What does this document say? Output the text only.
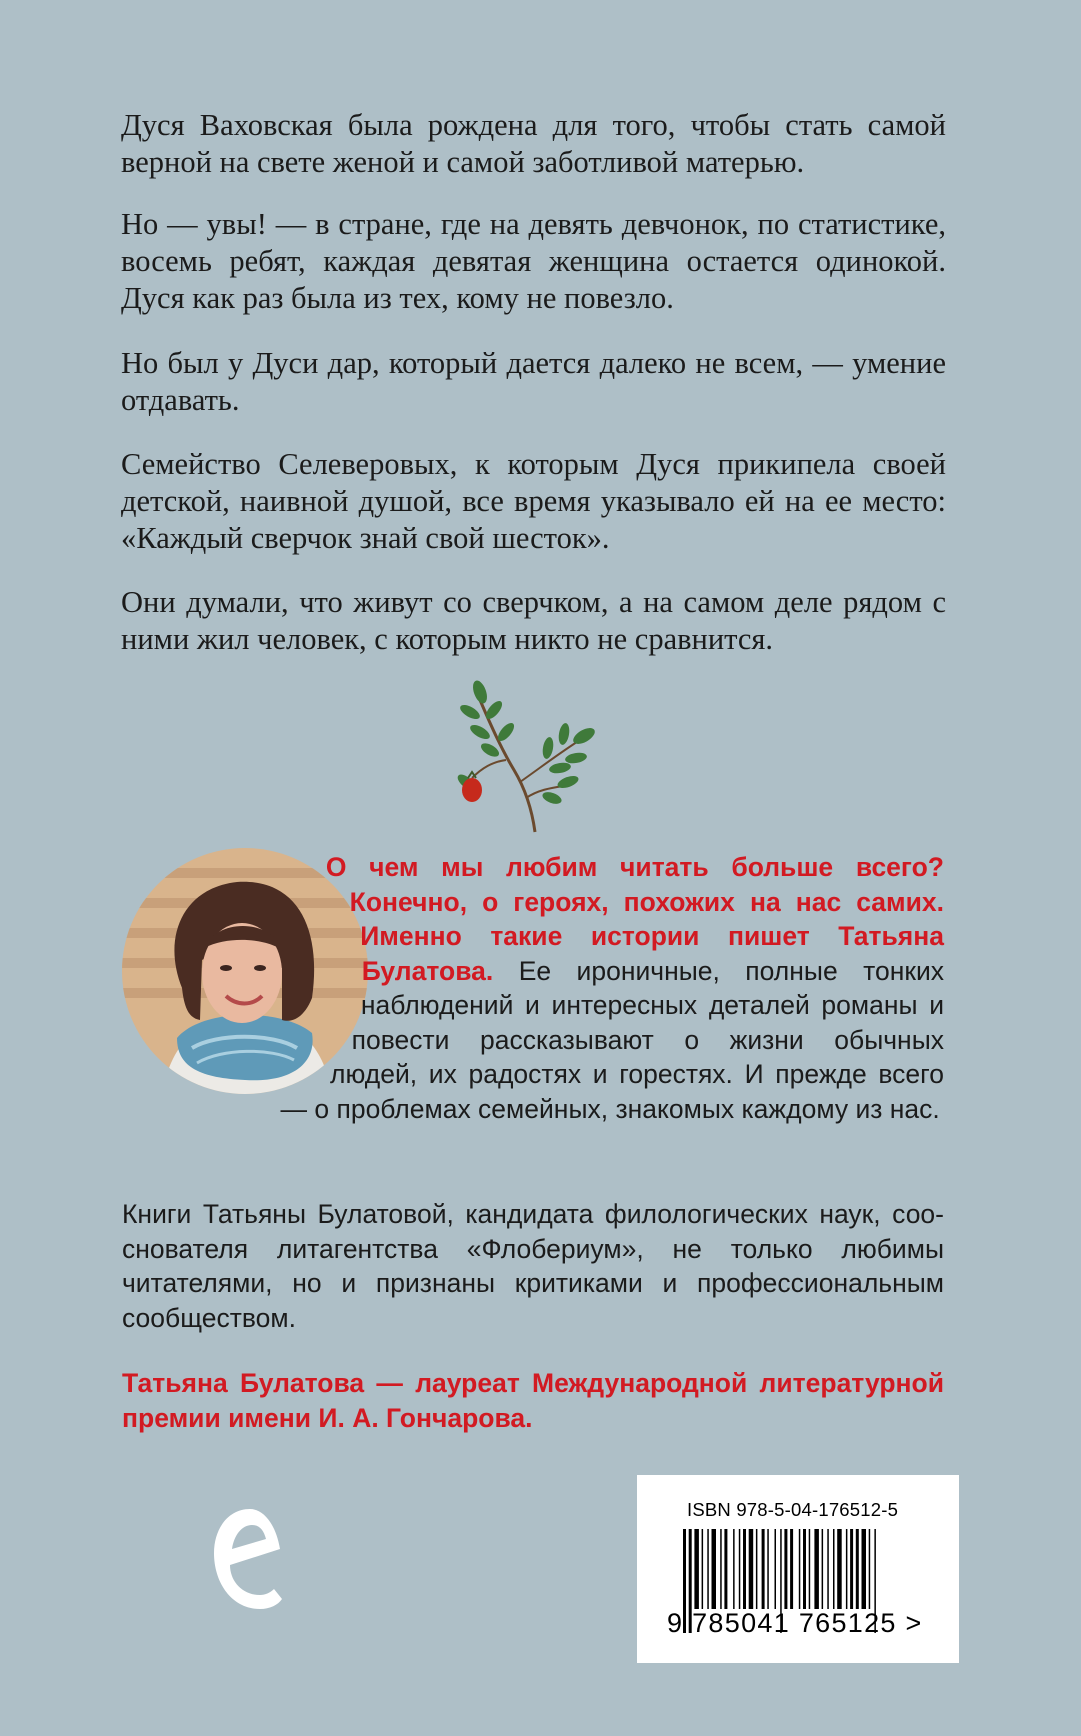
Дуся Ваховская была рождена для того, чтобы стать самой верной на свете женой и самой заботливой матерью.

Но — увы! — в стране, где на девять девчонок, по статистике, восемь ребят, каждая девятая женщина остается одинокой. Дуся как раз была из тех, кому не повезло.

Но был у Дуси дар, который дается далеко не всем, — умение отдавать.

Семейство Селеверовых, к которым Дуся прикипела своей детской, наивной душой, все время указывало ей на ее место: «Каждый сверчок знай свой шесток».

Они думали, что живут со сверчком, а на самом деле рядом с ними жил человек, с которым никто не сравнится.

О чем мы любим читать больше всего? Конечно, о героях, похожих на нас самих. Именно такие истории пишет Татьяна Булатова. Ее ироничные, полные тонких наблюдений и интересных деталей романы и повести рассказывают о жизни обычных людей, их радостях и горестях. И прежде всего — о проблемах семейных, знакомых каждому из нас.

Книги Татьяны Булатовой, кандидата филологических наук, сооснователя литагентства «Флобериум», не только любимы читателями, но и признаны критиками и профессиональным сообществом.

Татьяна Булатова — лауреат Международной литературной премии имени И. А. Гончарова.

ISBN 978-5-04-176512-5
9 785041 765125 >
